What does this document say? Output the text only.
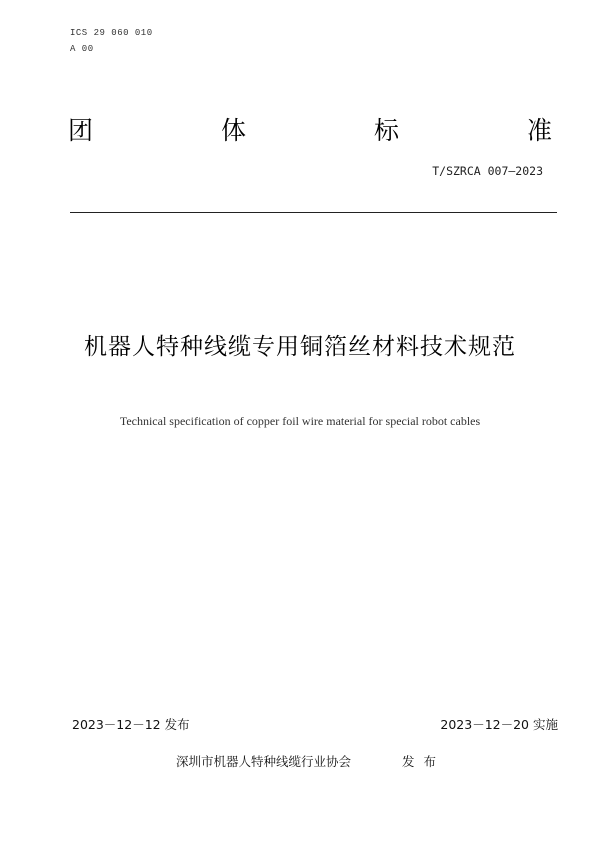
ICS 29 060 010
A 00
团	体	标	准
T/SZRCA 007—2023
机器人特种线缆专用铜箔丝材料技术规范
Technical specification of copper foil wire material for special robot cables
2023－12－12 发布	2023－12－20 实施
深圳市机器人特种线缆行业协会	发布
